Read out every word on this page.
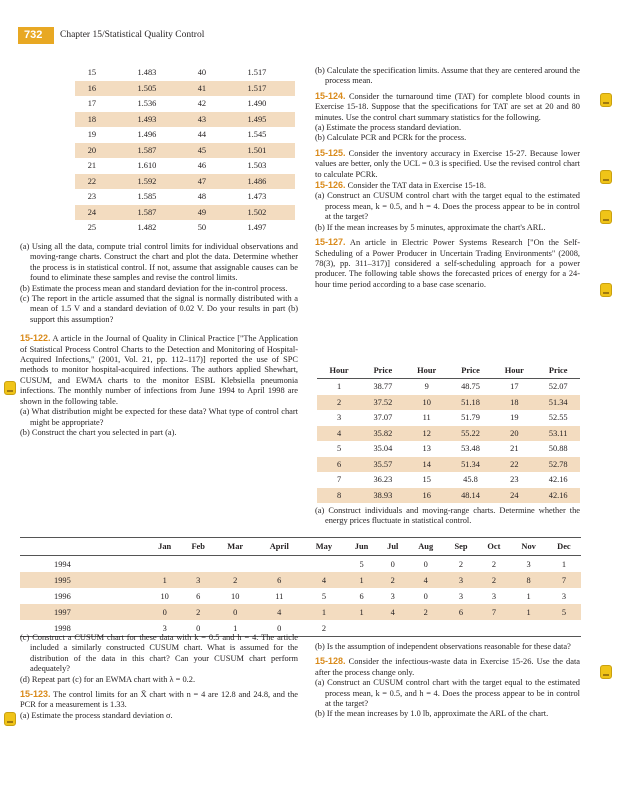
732	Chapter 15/Statistical Quality Control
15	1.483	40	1.517
16	1.505	41	1.517
17	1.536	42	1.490
18	1.493	43	1.495
19	1.496	44	1.545
20	1.587	45	1.501
21	1.610	46	1.503
22	1.592	47	1.486
23	1.585	48	1.473
24	1.587	49	1.502
25	1.482	50	1.497

(a) Using all the data, compute trial control limits for individual observations and moving-range charts. Construct the chart and plot the data. Determine whether the process is in statistical control. If not, assume that assignable causes can be found to eliminate these samples and revise the control limits.

(b) Estimate the process mean and standard deviation for the in-control process.

(c) The report in the article assumed that the signal is normally distributed with a mean of 1.5 V and a standard deviation of 0.02 V. Do your results in part (b) support this assumption?

15-122. A article in the Journal of Quality in Clinical Practice ["The Application of Statistical Process Control Charts to the Detection and Monitoring of Hospital-Acquired Infections," (2001, Vol. 21, pp. 112–117)] reported the use of SPC methods to monitor hospital-acquired infections. The authors applied Shewhart, CUSUM, and EWMA charts to the monitor ESBL Klebsiella pneumonia infections. The monthly number of infections from June 1994 to April 1998 are shown in the following table.

(a) What distribution might be expected for these data? What type of control chart might be appropriate?

(b) Construct the chart you selected in part (a).

(b) Calculate the specification limits. Assume that they are centered around the process mean.

15-124. Consider the turnaround time (TAT) for complete blood counts in Exercise 15-18. Suppose that the specifications for TAT are set at 20 and 80 minutes. Use the control chart summary statistics for the following.

(a) Estimate the process standard deviation.

(b) Calculate PCR and PCRk for the process.

15-125. Consider the inventory accuracy in Exercise 15-27. Because lower values are better, only the UCL = 0.3 is specified. Use the revised control chart to calculate PCRk.

15-126. Consider the TAT data in Exercise 15-18.

(a) Construct an CUSUM control chart with the target equal to the estimated process mean, k = 0.5, and h = 4. Does the process appear to be in control at the target?

(b) If the mean increases by 5 minutes, approximate the chart's ARL.

15-127. An article in Electric Power Systems Research ["On the Self-Scheduling of a Power Producer in Uncertain Trading Environments" (2008, 78(3), pp. 311–317)] considered a self-scheduling approach for a power producer. The following table shows the forecasted prices of energy for a 24-hour time period according to a base case scenario.

Hour	Price	Hour	Price	Hour	Price
1	38.77	9	48.75	17	52.07
2	37.52	10	51.18	18	51.34
3	37.07	11	51.79	19	52.55
4	35.82	12	55.22	20	53.11
5	35.04	13	53.48	21	50.88
6	35.57	14	51.34	22	52.78
7	36.23	15	45.8	23	42.16
8	38.93	16	48.14	24	42.16

(a) Construct individuals and moving-range charts. Determine whether the energy prices fluctuate in statistical control.

	Jan	Feb	Mar	April	May	Jun	Jul	Aug	Sep	Oct	Nov	Dec
1994						5	0	0	2	2	3	1
1995	1	3	2	6	4	1	2	4	3	2	8	7
1996	10	6	10	11	5	6	3	0	3	3	1	3
1997	0	2	0	4	1	1	4	2	6	7	1	5
1998	3	0	1	0	2							

(c) Construct a CUSUM chart for these data with k = 0.5 and h = 4. The article included a similarly constructed CUSUM chart. What is assumed for the distribution of the data in this chart? Can your CUSUM chart perform adequately?

(d) Repeat part (c) for an EWMA chart with λ = 0.2.

15-123. The control limits for an X̄ chart with n = 4 are 12.8 and 24.8, and the PCR for a measurement is 1.33.

(a) Estimate the process standard deviation σ.

(b) Is the assumption of independent observations reasonable for these data?

15-128. Consider the infectious-waste data in Exercise 15-26. Use the data after the process change only.

(a) Construct an CUSUM control chart with the target equal to the estimated process mean, k = 0.5, and h = 4. Does the process appear to be in control at the target?

(b) If the mean increases by 1.0 lb, approximate the ARL of the chart.
